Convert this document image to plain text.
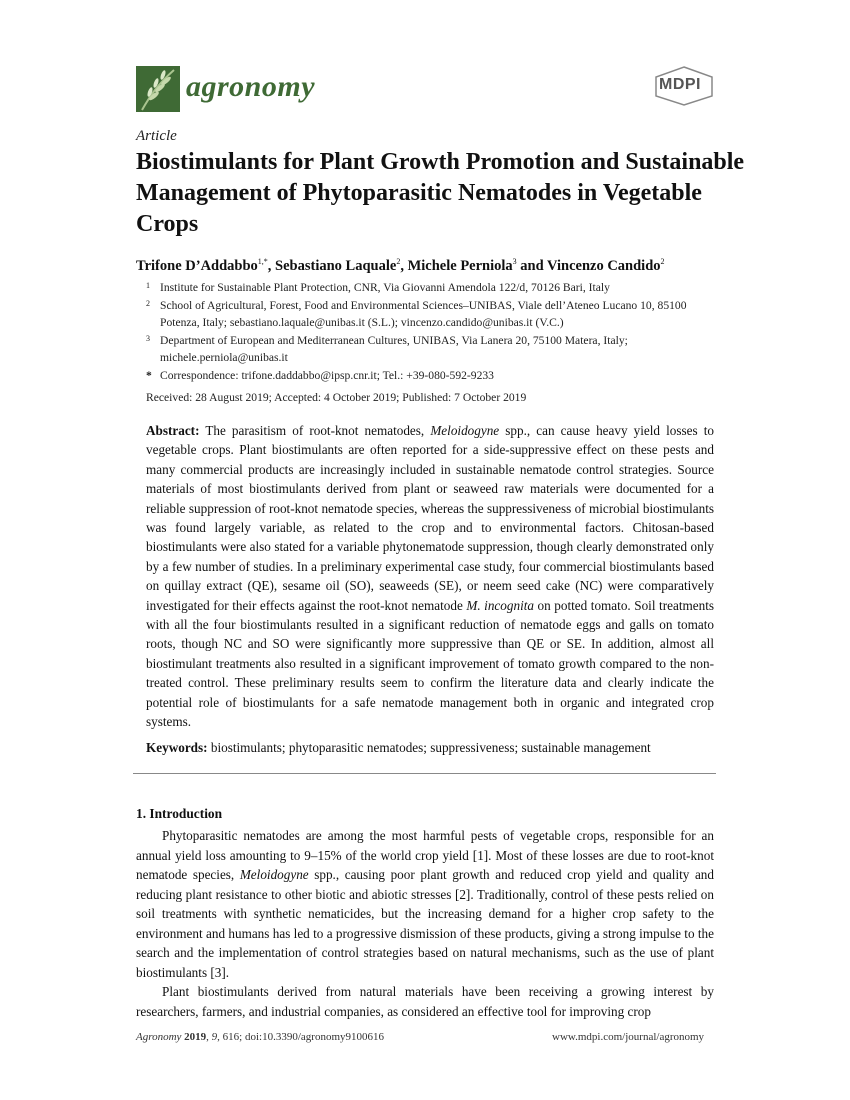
agronomy	MDPI
Article
Biostimulants for Plant Growth Promotion and Sustainable Management of Phytoparasitic Nematodes in Vegetable Crops
Trifone D’Addabbo$^{1,*}$, Sebastiano Laquale$^2$, Michele Perniola$^3$ and Vincenzo Candido$^2$
1 Institute for Sustainable Plant Protection, CNR, Via Giovanni Amendola 122/d, 70126 Bari, Italy
2 School of Agricultural, Forest, Food and Environmental Sciences–UNIBAS, Viale dell’Ateneo Lucano 10, 85100 Potenza, Italy; sebastiano.laquale@unibas.it (S.L.); vincenzo.candido@unibas.it (V.C.)
3 Department of European and Mediterranean Cultures, UNIBAS, Via Lanera 20, 75100 Matera, Italy; michele.perniola@unibas.it
* Correspondence: trifone.daddabbo@ipsp.cnr.it; Tel.: +39-080-592-9233
Received: 28 August 2019; Accepted: 4 October 2019; Published: 7 October 2019
Abstract: The parasitism of root-knot nematodes, Meloidogyne spp., can cause heavy yield losses to vegetable crops. Plant biostimulants are often reported for a side-suppressive effect on these pests and many commercial products are increasingly included in sustainable nematode control strategies. Source materials of most biostimulants derived from plant or seaweed raw materials were documented for a reliable suppression of root-knot nematode species, whereas the suppressiveness of microbial biostimulants was found largely variable, as related to the crop and to environmental factors. Chitosan-based biostimulants were also stated for a variable phytonematode suppression, though clearly demonstrated only by a few number of studies. In a preliminary experimental case study, four commercial biostimulants based on quillay extract (QE), sesame oil (SO), seaweeds (SE), or neem seed cake (NC) were comparatively investigated for their effects against the root-knot nematode M. incognita on potted tomato. Soil treatments with all the four biostimulants resulted in a significant reduction of nematode eggs and galls on tomato roots, though NC and SO were significantly more suppressive than QE or SE. In addition, almost all biostimulant treatments also resulted in a significant improvement of tomato growth compared to the non-treated control. These preliminary results seem to confirm the literature data and clearly indicate the potential role of biostimulants for a safe nematode management both in organic and integrated crop systems.
Keywords: biostimulants; phytoparasitic nematodes; suppressiveness; sustainable management
1. Introduction

Phytoparasitic nematodes are among the most harmful pests of vegetable crops, responsible for an annual yield loss amounting to 9–15% of the world crop yield [1]. Most of these losses are due to root-knot nematode species, Meloidogyne spp., causing poor plant growth and reduced crop yield and quality and reducing plant resistance to other biotic and abiotic stresses [2]. Traditionally, control of these pests relied on soil treatments with synthetic nematicides, but the increasing demand for a higher crop safety to the environment and humans has led to a progressive dismission of these products, giving a strong impulse to the search and the implementation of control strategies based on natural mechanisms, such as the use of plant biostimulants [3].

Plant biostimulants derived from natural materials have been receiving a growing interest by researchers, farmers, and industrial companies, as considered an effective tool for improving crop

Agronomy 2019, 9, 616; doi:10.3390/agronomy9100616	www.mdpi.com/journal/agronomy
